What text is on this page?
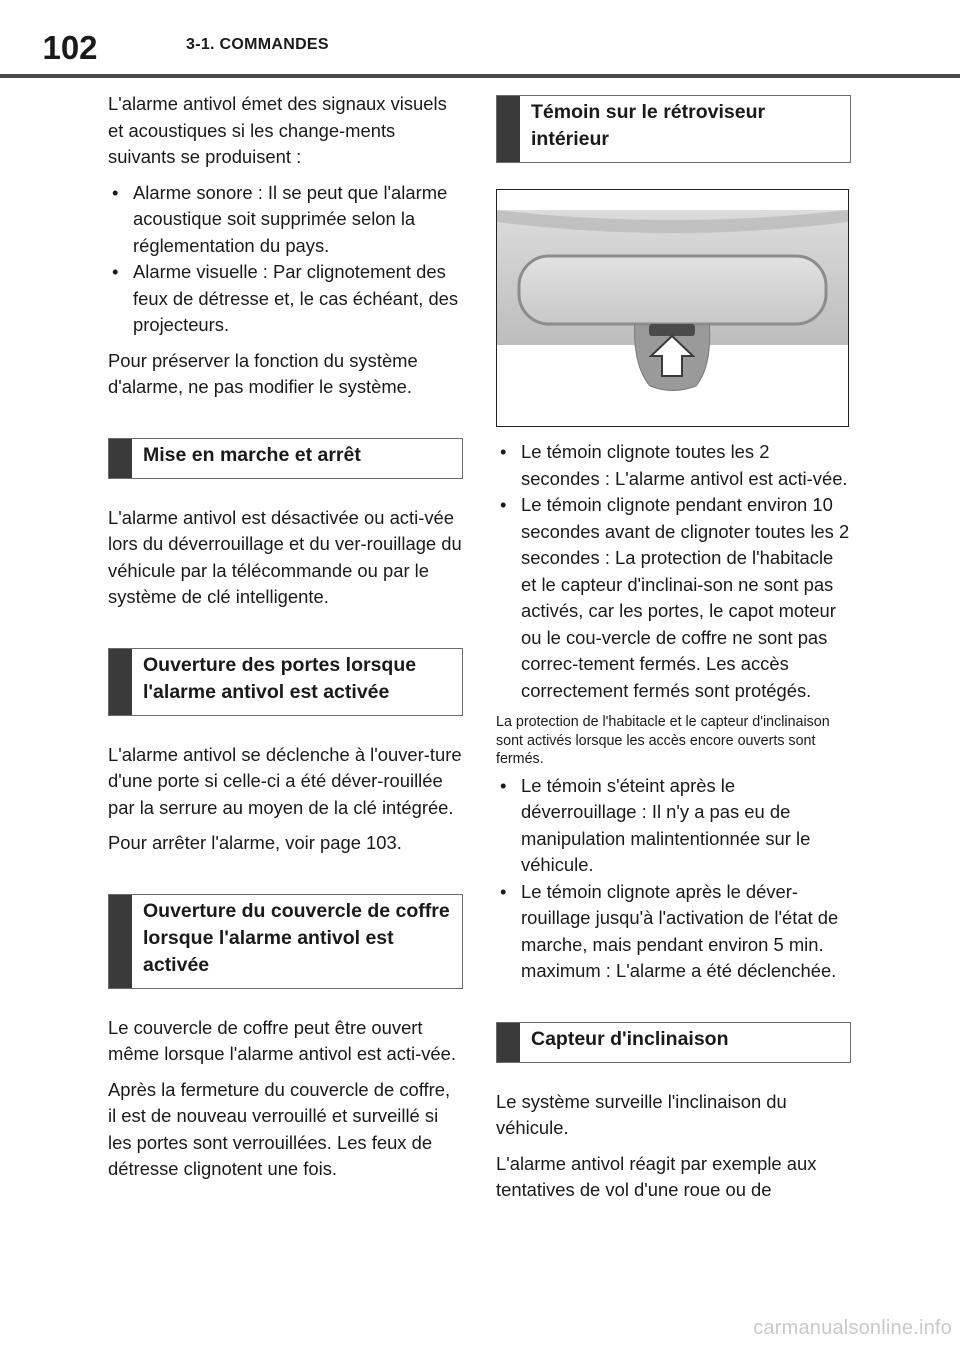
102	3-1. COMMANDES

L'alarme antivol émet des signaux visuels et acoustiques si les change-ments suivants se produisent :

• Alarme sonore : Il se peut que l'alarme acoustique soit supprimée selon la réglementation du pays.
• Alarme visuelle : Par clignotement des feux de détresse et, le cas échéant, des projecteurs.

Pour préserver la fonction du système d'alarme, ne pas modifier le système.

Mise en marche et arrêt

L'alarme antivol est désactivée ou acti-vée lors du déverrouillage et du ver-rouillage du véhicule par la télécommande ou par le système de clé intelligente.

Ouverture des portes lorsque l'alarme antivol est activée

L'alarme antivol se déclenche à l'ouver-ture d'une porte si celle-ci a été déver-rouillée par la serrure au moyen de la clé intégrée.

Pour arrêter l'alarme, voir page 103.

Ouverture du couvercle de coffre lorsque l'alarme antivol est activée

Le couvercle de coffre peut être ouvert même lorsque l'alarme antivol est acti-vée.

Après la fermeture du couvercle de coffre, il est de nouveau verrouillé et surveillé si les portes sont verrouillées. Les feux de détresse clignotent une fois.

Témoin sur le rétroviseur intérieur
• Le témoin clignote toutes les 2 secondes : L'alarme antivol est acti-vée.
• Le témoin clignote pendant environ 10 secondes avant de clignoter toutes les 2 secondes : La protection de l'habitacle et le capteur d'inclinai-son ne sont pas activés, car les portes, le capot moteur ou le cou-vercle de coffre ne sont pas correc-tement fermés. Les accès correctement fermés sont protégés.

La protection de l'habitacle et le capteur d'inclinaison sont activés lorsque les accès encore ouverts sont fermés.

• Le témoin s'éteint après le déverrouillage : Il n'y a pas eu de manipulation malintentionnée sur le véhicule.
• Le témoin clignote après le déver-rouillage jusqu'à l'activation de l'état de marche, mais pendant environ 5 min. maximum : L'alarme a été déclenchée.
Capteur d'inclinaison

Le système surveille l'inclinaison du véhicule.

L'alarme antivol réagit par exemple aux tentatives de vol d'une roue ou de

carmanualsonline.info
